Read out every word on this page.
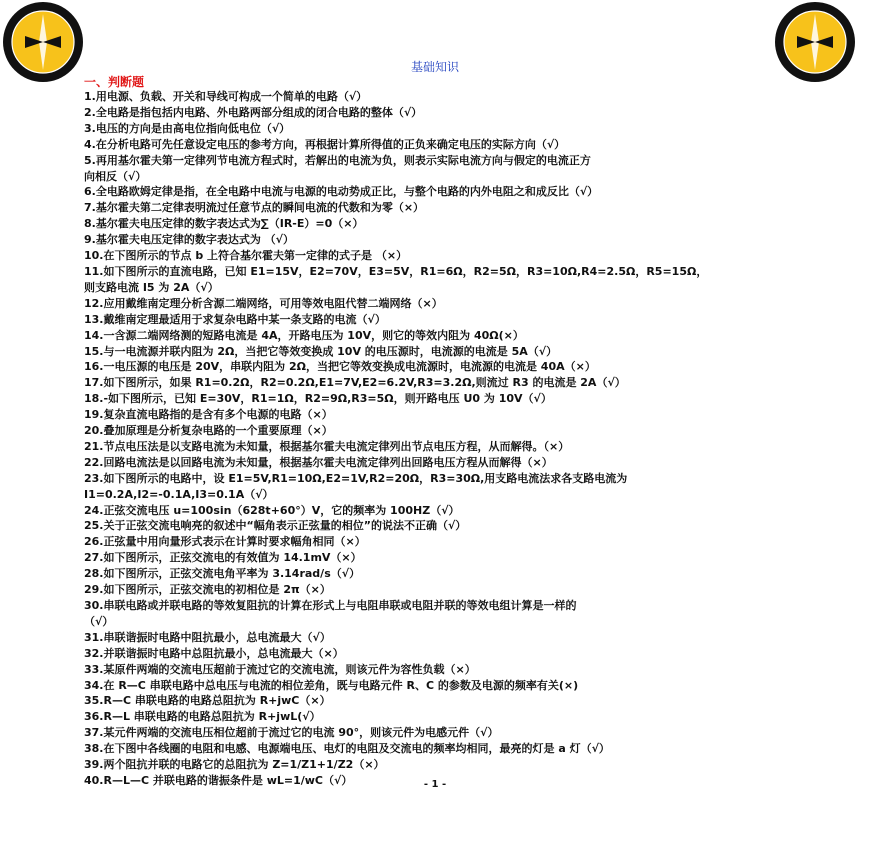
基础知识
一、判断题
1.用电源、负载、开关和导线可构成一个简单的电路（√）
2.全电路是指包括内电路、外电路两部分组成的闭合电路的整体（√）
3.电压的方向是由高电位指向低电位（√）
4.在分析电路可先任意设定电压的参考方向，再根据计算所得值的正负来确定电压的实际方向（√）
5.再用基尔霍夫第一定律列节电流方程式时，若解出的电流为负，则表示实际电流方向与假定的电流正方
向相反（√）
6.全电路欧姆定律是指，在全电路中电流与电源的电动势成正比，与整个电路的内外电阻之和成反比（√）
7.基尔霍夫第二定律表明流过任意节点的瞬间电流的代数和为零（×）
8.基尔霍夫电压定律的数字表达式为∑（IR-E）=0（×）
9.基尔霍夫电压定律的数字表达式为 （√）
10.在下图所示的节点 b 上符合基尔霍夫第一定律的式子是 （×）
11.如下图所示的直流电路，已知 E1=15V，E2=70V，E3=5V，R1=6Ω，R2=5Ω，R3=10Ω,R4=2.5Ω，R5=15Ω，
则支路电流 I5 为 2A（√）
12.应用戴维南定理分析含源二端网络，可用等效电阻代替二端网络（×）
13.戴维南定理最适用于求复杂电路中某一条支路的电流（√）
14.一含源二端网络测的短路电流是 4A，开路电压为 10V，则它的等效内阻为 40Ω(×）
15.与一电流源并联内阻为 2Ω，当把它等效变换成 10V 的电压源时，电流源的电流是 5A（√）
16.一电压源的电压是 20V，串联内阻为 2Ω，当把它等效变换成电流源时，电流源的电流是 40A（×）
17.如下图所示，如果 R1=0.2Ω，R2=0.2Ω,E1=7V,E2=6.2V,R3=3.2Ω,则流过 R3 的电流是 2A（√）
18.-如下图所示，已知 E=30V，R1=1Ω，R2=9Ω,R3=5Ω，则开路电压 U0 为 10V（√）
19.复杂直流电路指的是含有多个电源的电路（×）
20.叠加原理是分析复杂电路的一个重要原理（×）
21.节点电压法是以支路电流为未知量，根据基尔霍夫电流定律列出节点电压方程，从而解得。（×）
22.回路电流法是以回路电流为未知量，根据基尔霍夫电流定律列出回路电压方程从而解得（×）
23.如下图所示的电路中，设 E1=5V,R1=10Ω,E2=1V,R2=20Ω，R3=30Ω,用支路电流法求各支路电流为
I1=0.2A,I2=-0.1A,I3=0.1A（√）
24.正弦交流电压 u=100sin（628t+60°）V，它的频率为 100HZ（√）
25.关于正弦交流电响亮的叙述中“幅角表示正弦量的相位”的说法不正确（√）
26.正弦量中用向量形式表示在计算时要求幅角相同（×）
27.如下图所示，正弦交流电的有效值为 14.1mV（×）
28.如下图所示，正弦交流电角平率为 3.14rad/s（√）
29.如下图所示，正弦交流电的初相位是 2π（×）
30.串联电路或并联电路的等效复阻抗的计算在形式上与电阻串联或电阻并联的等效电组计算是一样的
（√）
31.串联谐振时电路中阻抗最小，总电流最大（√）
32.并联谐振时电路中总阻抗最小，总电流最大（×）
33.某原件两端的交流电压超前于流过它的交流电流，则该元件为容性负载（×）
34.在 R—C 串联电路中总电压与电流的相位差角，既与电路元件 R、C 的参数及电源的频率有关(×)
35.R—C 串联电路的电路总阻抗为 R+jwC（×）
36.R—L 串联电路的电路总阻抗为 R+jwL(√）
37.某元件两端的交流电压相位超前于流过它的电流 90°，则该元件为电感元件（√）
38.在下图中各线圈的电阻和电感、电源端电压、电灯的电阻及交流电的频率均相同，最亮的灯是 a 灯（√）
39.两个阻抗并联的电路它的总阻抗为 Z=1/Z1+1/Z2（×）
40.R—L—C 并联电路的谐振条件是 wL=1/wC（√）	- 1 -
